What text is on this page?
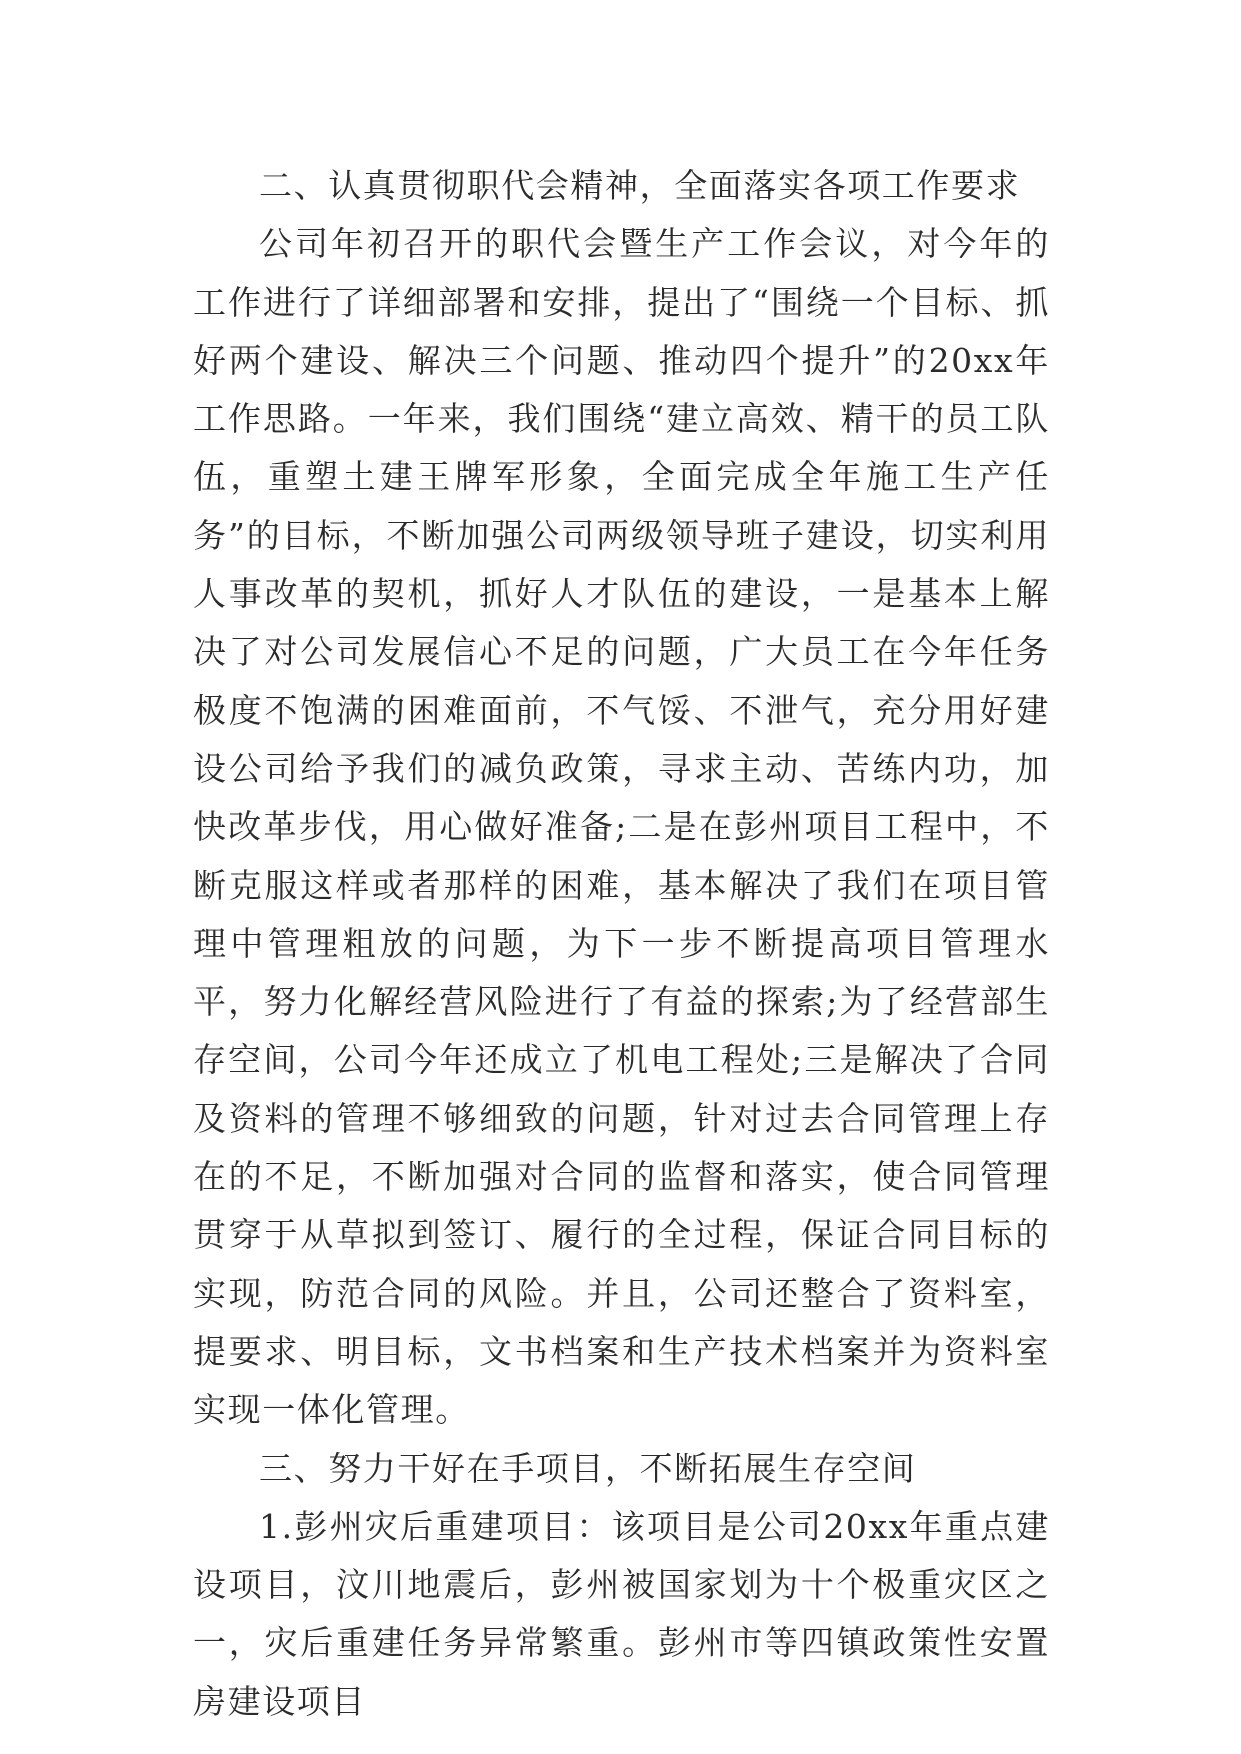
二、认真贯彻职代会精神，全面落实各项工作要求

公司年初召开的职代会暨生产工作会议，对今年的工作进行了详细部署和安排，提出了“围绕一个目标、抓好两个建设、解决三个问题、推动四个提升”的20xx年工作思路。一年来，我们围绕“建立高效、精干的员工队伍，重塑土建王牌军形象，全面完成全年施工生产任务”的目标，不断加强公司两级领导班子建设，切实利用人事改革的契机，抓好人才队伍的建设，一是基本上解决了对公司发展信心不足的问题，广大员工在今年任务极度不饱满的困难面前，不气馁、不泄气，充分用好建设公司给予我们的减负政策，寻求主动、苦练内功，加快改革步伐，用心做好准备;二是在彭州项目工程中，不断克服这样或者那样的困难，基本解决了我们在项目管理中管理粗放的问题，为下一步不断提高项目管理水平，努力化解经营风险进行了有益的探索;为了经营部生存空间，公司今年还成立了机电工程处;三是解决了合同及资料的管理不够细致的问题，针对过去合同管理上存在的不足，不断加强对合同的监督和落实，使合同管理贯穿于从草拟到签订、履行的全过程，保证合同目标的实现，防范合同的风险。并且，公司还整合了资料室，提要求、明目标，文书档案和生产技术档案并为资料室实现一体化管理。

三、努力干好在手项目，不断拓展生存空间

1.彭州灾后重建项目：该项目是公司20xx年重点建设项目，汶川地震后，彭州被国家划为十个极重灾区之一，灾后重建任务异常繁重。彭州市等四镇政策性安置房建设项目
